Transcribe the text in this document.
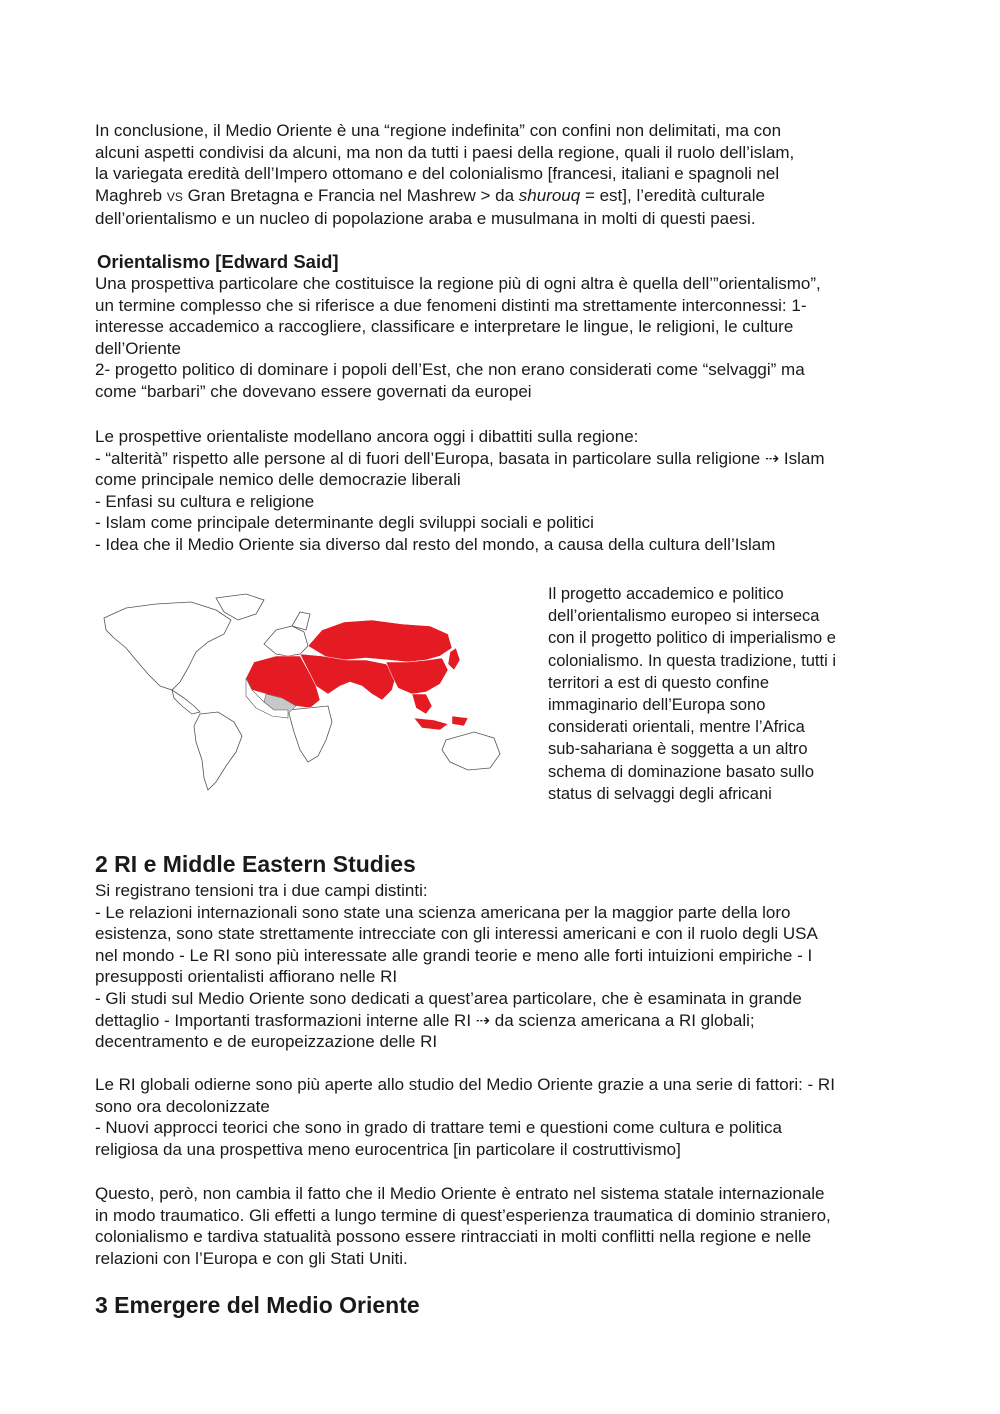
In conclusione, il Medio Oriente è una “regione indefinita” con confini non delimitati, ma con

alcuni aspetti condivisi da alcuni, ma non da tutti i paesi della regione, quali il ruolo dell’islam,

la variegata eredità dell’Impero ottomano e del colonialismo [francesi, italiani e spagnoli nel

Maghreb VS Gran Bretagna e Francia nel Mashrew > da shurouq = est], l’eredità culturale

dell’orientalismo e un nucleo di popolazione araba e musulmana in molti di questi paesi.

Orientalismo [Edward Said]

Una prospettiva particolare che costituisce la regione più di ogni altra è quella dell’”orientalismo”,

un termine complesso che si riferisce a due fenomeni distinti ma strettamente interconnessi: 1-

interesse accademico a raccogliere, classificare e interpretare le lingue, le religioni, le culture

dell’Oriente

2- progetto politico di dominare i popoli dell’Est, che non erano considerati come “selvaggi” ma

come “barbari” che dovevano essere governati da europei

Le prospettive orientaliste modellano ancora oggi i dibattiti sulla regione:

- “alterità” rispetto alle persone al di fuori dell’Europa, basata in particolare sulla religione ⇢ Islam

come principale nemico delle democrazie liberali

- Enfasi su cultura e religione

- Islam come principale determinante degli sviluppi sociali e politici

- Idea che il Medio Oriente sia diverso dal resto del mondo, a causa della cultura dell’Islam

Il progetto accademico e politico

dell’orientalismo europeo si interseca

con il progetto politico di imperialismo e

colonialismo. In questa tradizione, tutti i

territori a est di questo confine

immaginario dell’Europa sono

considerati orientali, mentre l’Africa

sub-sahariana è soggetta a un altro

schema di dominazione basato sullo

status di selvaggi degli africani

2 RI e Middle Eastern Studies

Si registrano tensioni tra i due campi distinti:

- Le relazioni internazionali sono state una scienza americana per la maggior parte della loro

esistenza, sono state strettamente intrecciate con gli interessi americani e con il ruolo degli USA

nel mondo - Le RI sono più interessate alle grandi teorie e meno alle forti intuizioni empiriche - I

presupposti orientalisti affiorano nelle RI

- Gli studi sul Medio Oriente sono dedicati a quest’area particolare, che è esaminata in grande

dettaglio - Importanti trasformazioni interne alle RI ⇢ da scienza americana a RI globali;

decentramento e de europeizzazione delle RI

Le RI globali odierne sono più aperte allo studio del Medio Oriente grazie a una serie di fattori: - RI

sono ora decolonizzate

- Nuovi approcci teorici che sono in grado di trattare temi e questioni come cultura e politica

religiosa da una prospettiva meno eurocentrica [in particolare il costruttivismo]

Questo, però, non cambia il fatto che il Medio Oriente è entrato nel sistema statale internazionale

in modo traumatico. Gli effetti a lungo termine di quest’esperienza traumatica di dominio straniero,

colonialismo e tardiva statualità possono essere rintracciati in molti conflitti nella regione e nelle

relazioni con l’Europa e con gli Stati Uniti.

3 Emergere del Medio Oriente
